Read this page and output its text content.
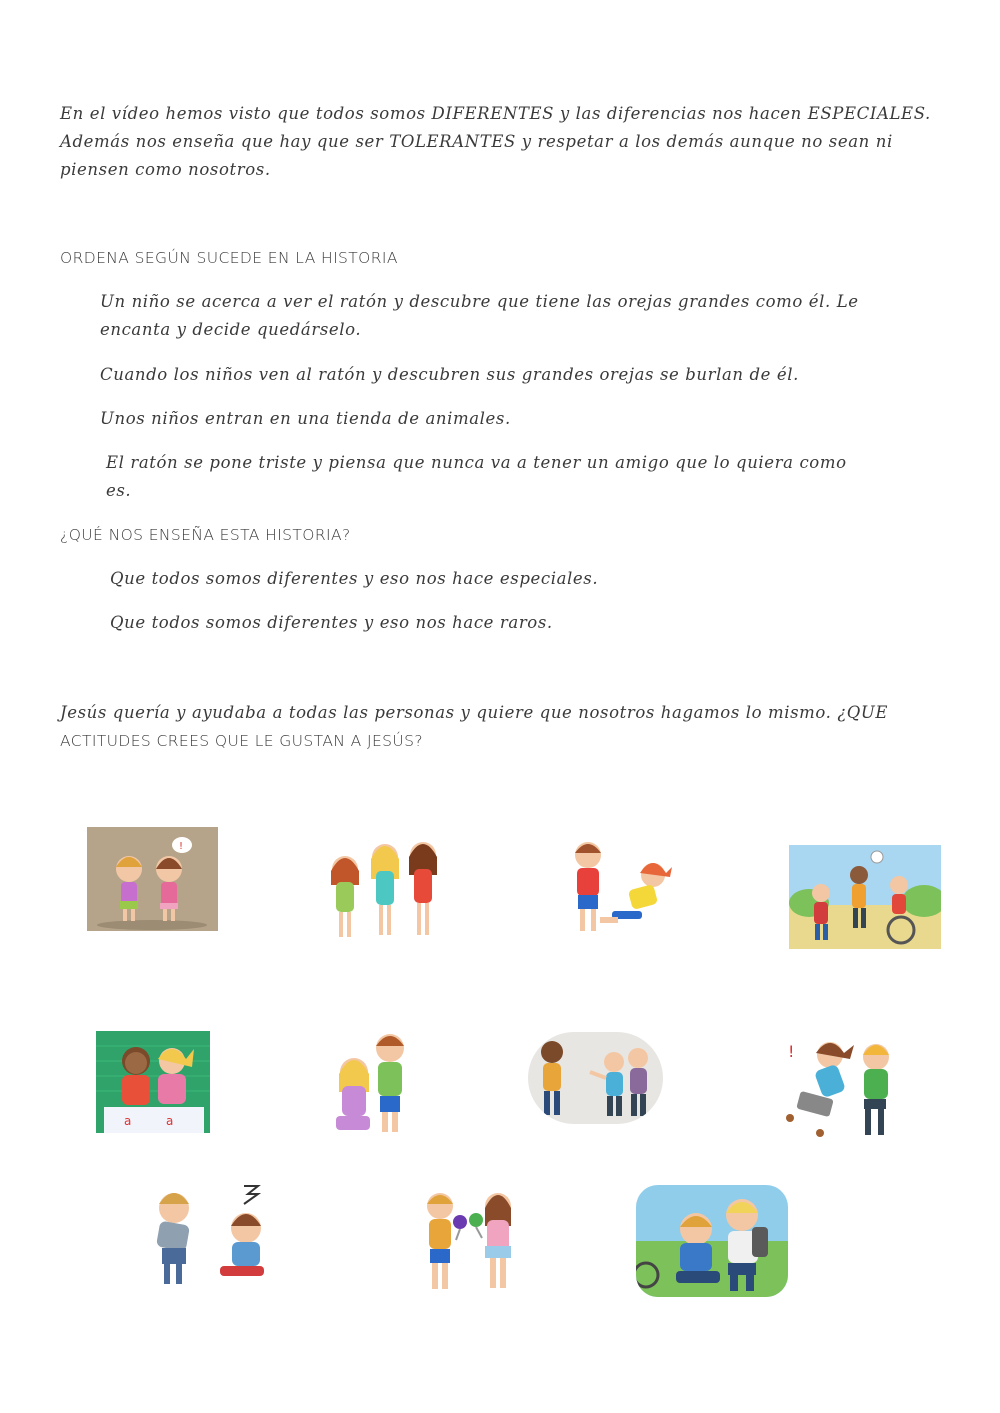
En el vídeo hemos visto que todos somos DIFERENTES y las diferencias nos hacen ESPECIALES.
Además nos enseña que hay que ser TOLERANTES y respetar a los demás aunque no sean ni
piensen como nosotros.
ORDENA SEGÚN SUCEDE EN LA HISTORIA
Un niño se acerca a ver el ratón y descubre que tiene las orejas grandes como él. Le
encanta y decide quedárselo.
Cuando los niños ven al ratón y descubren sus grandes orejas se burlan de él.
Unos niños entran en una tienda de animales.
El ratón se pone triste y piensa que nunca va a tener un amigo que lo quiera como
es.
¿QUÉ NOS ENSEÑA ESTA HISTORIA?
Que todos somos diferentes y eso nos hace especiales.
Que todos somos diferentes y eso nos hace raros.
Jesús quería y ayudaba a todas las personas y quiere que nosotros hagamos lo mismo. ¿QUE
ACTITUDES CREES QUE LE GUSTAN A JESÚS?
!
a	a
!
